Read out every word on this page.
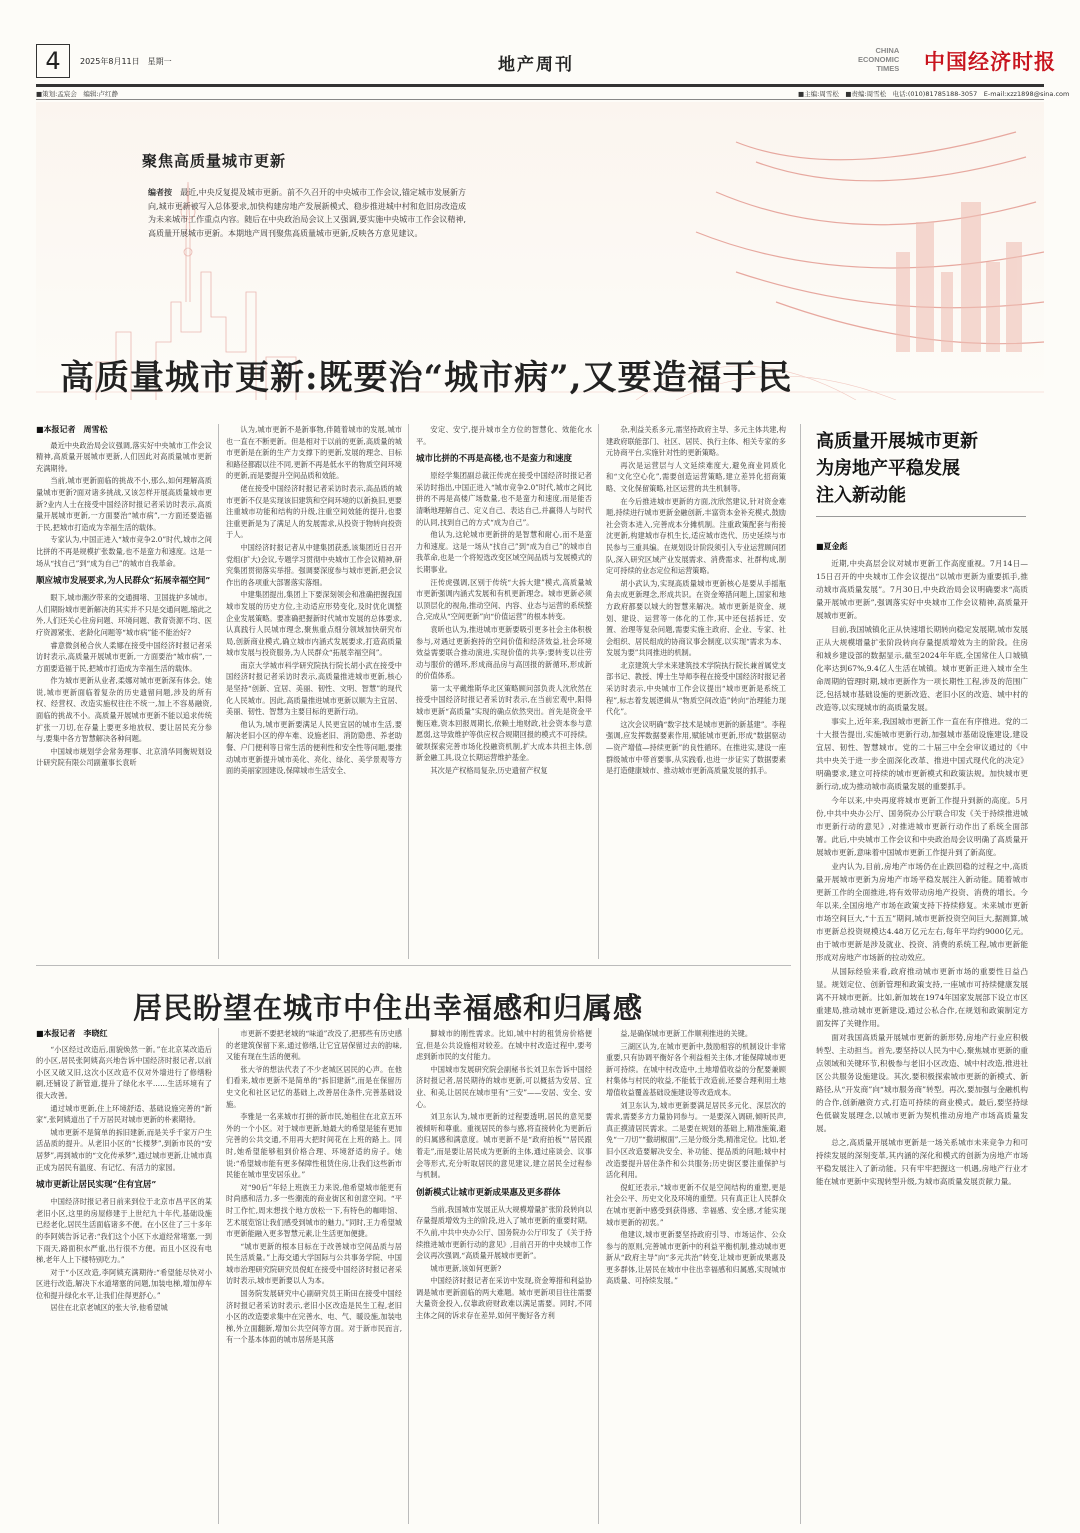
4	2025年8月11日　星期一	地产周刊
CHINA
ECONOMIC
TIMES 中国经济时报
■策划:孟宸会　编辑:卢红静	■主编:周雪松　■责编:周雪松　电话:(010)81785188-3057　E-mail:xzz1898@sina.com
聚焦高质量城市更新
编者按　 最近,中央反复提及城市更新。前不久召开的中央城市工作会议,锚定城市发展新方向,城市更新被写入总体要求,加快构建房地产发展新模式、稳步推进城中村和危旧房改造成为未来城市工作重点内容。随后在中央政治局会议上又强调,要实施中央城市工作会议精神,高质量开展城市更新。本期地产周刊聚焦高质量城市更新,反映各方意见建议。
高质量城市更新:既要治“城市病”,又要造福于民

■本报记者　周雪松

最近中央政治局会议强调,落实好中央城市工作会议精神,高质量开展城市更新,人们因此对高质量城市更新充满期待。

当前,城市更新面临的挑战不小,那么,如何理解高质量城市更新?面对诸多挑战,又该怎样开展高质量城市更新?业内人士在接受中国经济时报记者采访时表示,高质量开展城市更新,一方面要治“城市病”,一方面还要造福于民,把城市打造成为幸福生活的载体。

专家认为,中国正进入“城市竞争2.0”时代,城市之间比拼的不再是规模扩张数量,也不是蛮力和速度。这是一场从“找自己”到“成为自己”的城市自我革命。

顺应城市发展要求,为人民群众“拓展幸福空间”

眼下,城市潮汐带来的交通拥堵、卫国拢护多城市。人们期盼城市更新解决的其实并不只是交通问题,缩此之外,人们还关心住房问题、环境问题、教育资源不均、医疗资源紧张、老龄化问题等“城市病”能不能治好?

睿意微剑秘合伙人柔娜在接受中国经济时报记者采访时表示,高质量开展城市更新,一方面要治“城市病”,一方面要造福于民,把城市打造成为幸福生活的载体。

作为城市更新从业者,柔娜对城市更新深有体会。她说,城市更新面临着复杂的历史遗留问题,涉及的所有权、经营权、改造实施权往往不统一,加上不容易融资,面临的挑战不小。高质量开展城市更新不能以追求传统扩张一刀切,在存量上要更多地放权、要让居民充分参与,要集中各方智慧解决各种问题。

中国城市规划学会常务理事、北京清华同衡规划设计研究院有限公司副董事长袁昕

认为,城市更新不是新事物,伴随着城市的发展,城市也一直在不断更新。但是相对于以前的更新,高质量的城市更新是在新的生产力支撑下的更新,发展的理念、目标和路径都跟以往不同,更新不再是低水平的物质空间环境的更新,而是要提升空间品质和效能。

佬在接受中国经济时报记者采访时表示,高品质的城市更新不仅是实现该旧建筑和空间环境的以新换旧,更要注重城市功能和结构的升级,注重空间效能的提升,也要注重更新是为了满足人的发展需求,从投资于物转向投资于人。

中国经济时报记者从中建集团获悉,该集团近日召开党组(扩大)会议,专题学习贯彻中央城市工作会议精神,研究集团贯彻落实举措。强调要深度参与城市更新,把会议作出的各项重大部署落实落细。

中建集团提出,集团上下要深刻领会和准确把握我国城市发展的历史方位,主动适应形势变化,及时优化调整企业发展策略。要准确把握新时代城市发展的总体要求,认真践行人民城市理念,聚焦重点细分领域加快研究布局,创新商业模式,确立城市内涵式发展要求,打造高质量城市发展与投资服务,为人民群众“拓展幸福空间”。

南京大学城市科学研究院执行院长胡小武在接受中国经济时报记者采访时表示,高质量推进城市更新,核心是坚持“创新、宜居、美丽、韧性、文明、智慧”的现代化人民城市。因此,高质量推进城市更新以顺为主宜居、美丽、韧性、智慧为主要目标的更新行动。

他认为,城市更新要满足人民更宜居的城市生活,要解决老旧小区的停车难、设施老旧、消防隐患、养老助餐、户门便利等日常生活的便利性和安全性等问题,要推动城市更新提升城市美化、亮化、绿化、美学景观等方面的美丽家园建设,保障城市生活安全、

安定、安宁,提升城市全方位的智慧化、效能化水平。

城市比拼的不再是高楼,也不是蛮力和速度

原经学集团副总裁汪传虎在接受中国经济时报记者采访时指出,中国正进入“城市竞争2.0”时代,城市之间比拼的不再是高楼广场数量,也不是蛮力和速度,而是能否清晰地理解自己、定义自己、表达自己,并赢得人与时代的认同,找到自己的方式“成为自己”。

他认为,这轮城市更新拼的是智慧和耐心,而不是蛮力和速度。这是一场从“找自己”到“成为自己”的城市自我革命,也是一个将短选改变区域空间品质与发展模式的长期事业。

汪传虎强调,区别于传统“大拆大建”模式,高质量城市更新强调内涵式发展和有机更新理念。城市更新必须以顶层化的视角,推动空间、内容、业态与运营的系统整合,完成从“空间更新”向“价值运营”的根本转变。

袁昕也认为,推进城市更新要吸引更多社会主体积极参与,对遇过更新抱持的空间价值和经济效益,社会环境效益需要联合推动演进,实现价值的共享;要转变以往劳动与服价的循环,形成商品房与高回报的新循环,形成新的价值体系。

第一太平戴维斯华北区策略顾问部负责人沈欣然在接受中国经济时报记者采访时表示,在当前宏观中,阳得城市更新“高质量”实现的确点依然突出。首先是资金平衡压难,资本回报周期长,依赖土地财政,社会资本参与意愿弱,这导致维护等供应权合规期回报的模式不可持续。破坝探索完善市场化投融资机制,扩大成本共担主体,创新金融工具,设立长期运营维护基金。

其次是产权格局复杂,历史遗留产权复

杂,利益关系多元,需坚持政府主导、多元主体共建,构建政府联能部门、社区、居民、执行主体、相关专家的多元协商平台,实施针对性的更新策略。

再次是运营层与人文延续难度大,避免商业同质化和“文化空心化”,需要创造运营策略,建立差异化招商策略、文化保留策略,社区运营的共生机制等。

在今后推进城市更新的方面,沈欣然建议,针对资金难题,持续进行城市更新金融创新,丰富资本金补充模式,鼓励社会资本进入,完善成本分摊机制。注重政策配套与衔接沈更新,构建城市存机生长,适应城市迭代、历史延续与市民参与三重具编。在规划设计阶段须引入专业运营顾问团队,深入研究区域产业发展需求、消费需求、社群构成,制定可持续的业态定位和运营策略。

胡小武认为,实现高质量城市更新核心是要从手摇瓶角去成更新理念,形成共识。在资金筹措问题上,国家和地方政府都要以城大的智慧来解决。城市更新是资金、规划、建设、运营等一体化的工作,其中还包括拆迁、安置、治理等复杂问题,需要实施主政府、企业、专家、社会组织、居民组成的协商议事会制度,以实现“需求为本、发展为要”共同推进的机制。

北京建筑大学未来建筑技术学院执行院长兼首属党支部书记、教授、博士生导师李程在接受中国经济时报记者采访时表示,中央城市工作会议提出“城市更新是系统工程”,标志着发展逻辑从“物质空间改造”转向“治理能力现代化”。

这次会议明确“数字技术是城市更新的新基建”。李程强调,应发挥数据要素作用,赋能城市更新,形成“数据驱动—资产增值—持续更新”的良性循环。在推进实,建设一座群级城市中带首要事,从实践看,也进一步证实了数据要素是打造健康城市、推动城市更新高质量发展的抓手。

高质量开展城市更新
为房地产平稳发展
注入新动能

■夏金彪

近期,中央高层会议对城市更新工作高度重视。7月14日—15日召开的中央城市工作会议提出“以城市更新为重要抓手,推动城市高质量发展”。7月30日,中央政治局会议明确要求“高质量开展城市更新”,强调落实好中央城市工作会议精神,高质量开展城市更新。

目前,我国城镇化正从快速增长期转向稳定发展期,城市发展正从大规模增量扩张阶段转向存量提质增效为主的阶段。住房和城乡建设部的数据显示,截至2024年年底,全国常住人口城镇化率达到67%,9.4亿人生活在城镇。城市更新正进入城市全生命周期的管理时期,城市更新作为一项长期性工程,涉及的范围广泛,包括城市基础设施的更新改造、老旧小区的改造、城中村的改造等,以实现城市的高质量发展。

事实上,近年来,我国城市更新工作一直在有序推进。党的二十大报告提出,实施城市更新行动,加强城市基础设施建设,建设宜居、韧性、智慧城市。党的二十届三中全会审议通过的《中共中央关于进一步全面深化改革、推进中国式现代化的决定》明确要求,建立可持续的城市更新模式和政策法规。加快城市更新行动,成为推动城市高质量发展的重要抓手。

今年以来,中央再度将城市更新工作提升到新的高度。5月份,中共中央办公厅、国务院办公厅联合印发《关于持续推进城市更新行动的意见》,对推进城市更新行动作出了系统全面部署。此后,中央城市工作会议和中央政治局会议明确了高质量开展城市更新,意味着中国城市更新工作提升到了新高度。

业内认为,目前,房地产市场仍在止跌回稳的过程之中,高质量开展城市更新为房地产市场平稳发展注入新动能。随着城市更新工作的全面推进,将有效带动房地产投资、消费的增长。今年以来,全国房地产市场在政策支持下持续修复。未来城市更新市场空间巨大,“十五五”期间,城市更新投资空间巨大,据测算,城市更新总投资规模达4.48万亿元左右,每年平均约9000亿元。由于城市更新是涉及就业、投资、消费的系统工程,城市更新能形成对房地产市场新的拉动效应。

从国际经验来看,政府推动城市更新市场的重要性日益凸显。规划定位、创新管理和政策支持,一座城市可持续健康发展离不开城市更新。比如,新加坡在1974年国家发展部下设立市区重建局,推动城市更新建设,通过公私合作,在规划和政策制定方面发挥了关键作用。

面对我国高质量开展城市更新的新形势,房地产行业应积极转型、主动担当。首先,要坚持以人民为中心,聚焦城市更新的重点领域和关键环节,积极参与老旧小区改造、城中村改造,推进社区公共服务设施建设。其次,要积极探索城市更新的新模式、新路径,从“开发商”向“城市服务商”转型。再次,要加强与金融机构的合作,创新融资方式,打造可持续的商业模式。最后,要坚持绿色低碳发展理念,以城市更新为契机推动房地产市场高质量发展。

总之,高质量开展城市更新是一场关系城市未来竞争力和可持续发展的深刻变革,其内涵的深化和模式的创新为房地产市场平稳发展注入了新动能。只有牢牢把握这一机遇,房地产行业才能在城市更新中实现转型升级,为城市高质量发展贡献力量。

居民盼望在城市中住出幸福感和归属感

■本报记者　李晓红

“小区经过改造后,面貌焕然一新。”在北京某改造后的小区,居民张阿姨高兴地告诉中国经济时报记者,以前小区又破又旧,这次小区改造不仅对外墙进行了修缮粉刷,还铺设了新管道,提升了绿化水平……生活环境有了很大改善。

通过城市更新,住上环境舒适、基础设施完善的“新家”,张阿姨道出了千万居民对城市更新的朴素期待。

城市更新不是简单的拆旧建新,而是关乎千家万户生活品质的提升。从老旧小区的“长楼梦”,到新市民的“安居梦”,再到城市的“文化传承梦”,通过城市更新,让城市真正成为居民有温度、有记忆、有活力的家园。

城市更新让居民实现“住有宜居”

中国经济时报记者日前来到位于北京市昌平区的某老旧小区,这里的房屋修建于上世纪九十年代,基础设施已经老化,居民生活面临诸多不便。在小区住了三十多年的李阿姨告诉记者:“我们这个小区下水道经常堵塞,一到下雨天,路面积水严重,出行很不方便。而且小区没有电梯,老年人上下楼特别吃力。”

对于“小区改造,李阿姨充满期待:“希望能尽快对小区进行改造,解决下水道堵塞的问题,加装电梯,增加停车位和提升绿化水平,让我们住得更舒心。”

居住在北京老城区的张大爷,他希望城

市更新不要把老城的“味道”改没了,把那些有历史感的老建筑保留下来,通过修缮,让它宜居保留过去的韵味,又能有现在生活的便利。

张大爷的想法代表了不少老城区居民的心声。在他们看来,城市更新不是简单的“拆旧建新”,而是在保留历史文化和社区记忆的基础上,改善居住条件,完善基础设施。

李雅是一名来城市打拼的新市民,她租住在北京五环外的一个小区。对于城市更新,她最大的希望是能有更加完善的公共交通,不用再大把时间花在上班的路上。同时,她希望能够租到价格合理、环境舒适的房子。她说:“希望城市能有更多保障性租赁住房,让我们这些新市民能在城市里安居乐业。”

对“90后”年轻上班族王力来说,他希望城市能更有时尚感和活力,多一些潮流的商业街区和创意空间。“平时工作忙,周末想找个地方放松一下,有特色的咖啡馆、艺术展览馆让我们感受到城市的魅力。”同时,王力希望城市更新能融入更多智慧元素,让生活更加便捷。

“城市更新的根本目标在于改善城市空间品质与居民生活质量。”上海交通大学国际与公共事务学院、中国城市治理研究院研究员倪虹在接受中国经济时报记者采访时表示,城市更新要以人为本。

国务院发展研究中心副研究员王斯田在接受中国经济时报记者采访时表示,老旧小区改造是民生工程,老旧小区的改造要求集中在完善水、电、气、暖设施,加装电梯,外立面翻新,增加公共空间等方面。对于新市民而言,有一个基本体面的城市居所是其落

脚城市的刚性需求。比如,城中村的租赁房价格便宜,但是公共设施相对较差。在城中村改造过程中,要考虑到新市民的支付能力。

中国城市发展研究院会副秘书长刘卫东告诉中国经济时报记者,居民期待的城市更新,可以概括为安居、宜业、和美,让居民在城市里有“三安”——安居、安全、安心。

刘卫东认为,城市更新的过程要透明,居民的意见要被倾听和尊重。重视居民的参与感,将直接转化为更新后的归属感和满意度。城市更新不是“政府拍板”“居民跟着走”,而是要让居民成为更新的主体,通过座谈会、议事会等形式,充分听取居民的意见建议,建立居民全过程参与机制。

创新模式让城市更新成果惠及更多群体

当前,我国城市发展正从大规模增量扩张阶段转向以存量提质增效为主的阶段,进入了城市更新的重要时期。不久前,中共中央办公厅、国务院办公厅印发了《关于持续推进城市更新行动的意见》,目前召开的中央城市工作会议再次强调,“高质量开展城市更新”。

城市更新,该如何更新?

中国经济时报记者在采访中发现,资金筹措和利益协调是城市更新面临的两大难题。城市更新项目往往需要大量资金投入,仅靠政府财政难以满足需要。同时,不同主体之间的诉求存在差异,如何平衡好各方利

益,是确保城市更新工作顺利推进的关键。

三湖区认为,在城市更新中,鼓励相容的机制设计非常重要,只有协调平衡好各个利益相关主体,才能保障城市更新可持续。在城中村改造中,土地增值收益的分配要兼顾村集体与村民的收益,不能低于改造前,还要合理利用土地增值收益覆盖基础设施建设等改造成本。

刘卫东认为,城市更新要满足居民多元化、深层次的需求,需要多方力量协同参与。一是要深入调研,倾听民声,真正摸清居民需求。二是要在规划的基础上,精准施策,避免“一刀切”“撒胡椒面”,三是分级分类,精准定位。比如,老旧小区改造要解决安全、补功能、提品质的问题;城中村改造要提升居住条件和公共服务;历史街区要注重保护与活化利用。

倪虹还表示,“城市更新不仅是空间结构的重塑,更是社会公平、历史文化及环境的重塑。只有真正让人民群众在城市更新中感受到获得感、幸福感、安全感,才能实现城市更新的初衷。”

他建议,城市更新要坚持政府引导、市场运作、公众参与的原则,完善城市更新中的利益平衡机制,推动城市更新从“政府主导”向“多元共治”转变,让城市更新成果惠及更多群体,让居民在城市中住出幸福感和归属感,实现城市高质量、可持续发展。”
